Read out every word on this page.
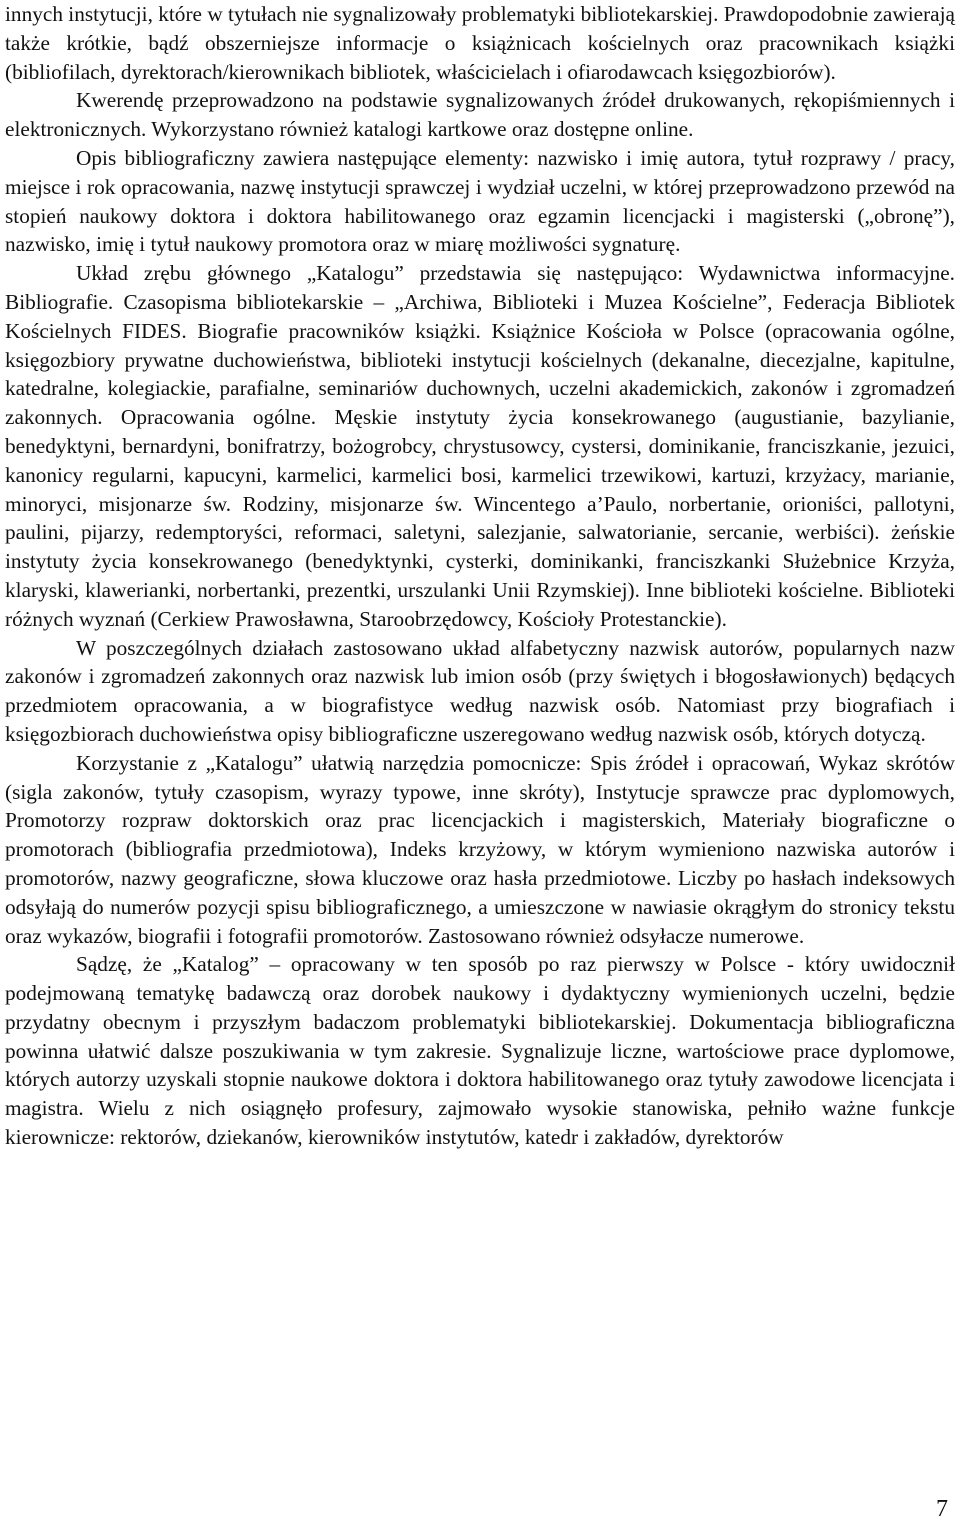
innych instytucji, które w tytułach nie sygnalizowały problematyki bibliotekarskiej. Prawdopodobnie zawierają także krótkie, bądź obszerniejsze informacje o książnicach kościelnych oraz pracownikach książki (bibliofilach, dyrektorach/kierownikach bibliotek, właścicielach i ofiarodawcach księgozbiorów).

Kwerendę przeprowadzono na podstawie sygnalizowanych źródeł drukowanych, rękopiśmiennych i elektronicznych. Wykorzystano również katalogi kartkowe oraz dostępne online.

Opis bibliograficzny zawiera następujące elementy: nazwisko i imię autora, tytuł rozprawy / pracy, miejsce i rok opracowania, nazwę instytucji sprawczej i wydział uczelni, w której przeprowadzono przewód na stopień naukowy doktora i doktora habilitowanego oraz egzamin licencjacki i magisterski („obronę”), nazwisko, imię i tytuł naukowy promotora oraz w miarę możliwości sygnaturę.

Układ zrębu głównego „Katalogu” przedstawia się następująco: Wydawnictwa informacyjne. Bibliografie. Czasopisma bibliotekarskie – „Archiwa, Biblioteki i Muzea Kościelne”, Federacja Bibliotek Kościelnych FIDES. Biografie pracowników książki. Książnice Kościoła w Polsce (opracowania ogólne, księgozbiory prywatne duchowieństwa, biblioteki instytucji kościelnych (dekanalne, diecezjalne, kapitulne, katedralne, kolegiackie, parafialne, seminariów duchownych, uczelni akademickich, zakonów i zgromadzeń zakonnych. Opracowania ogólne. Męskie instytuty życia konsekrowanego (augustianie, bazylianie, benedyktyni, bernardyni, bonifratrzy, bożogrobcy, chrystusowcy, cystersi, dominikanie, franciszkanie, jezuici, kanonicy regularni, kapucyni, karmelici, karmelici bosi, karmelici trzewikowi, kartuzi, krzyżacy, marianie, minoryci, misjonarze św. Rodziny, misjonarze św. Wincentego a’Paulo, norbertanie, orioniści, pallotyni, paulini, pijarzy, redemptoryści, reformaci, saletyni, salezjanie, salwatorianie, sercanie, werbiści). żeńskie instytuty życia konsekrowanego (benedyktynki, cysterki, dominikanki, franciszkanki Służebnice Krzyża, klaryski, klawerianki, norbertanki, prezentki, urszulanki Unii Rzymskiej). Inne biblioteki kościelne. Biblioteki różnych wyznań (Cerkiew Prawosławna, Staroobrzędowcy, Kościoły Protestanckie).

W poszczególnych działach zastosowano układ alfabetyczny nazwisk autorów, popularnych nazw zakonów i zgromadzeń zakonnych oraz nazwisk lub imion osób (przy świętych i błogosławionych) będących przedmiotem opracowania, a w biografistyce według nazwisk osób. Natomiast przy biografiach i księgozbiorach duchowieństwa opisy bibliograficzne uszeregowano według nazwisk osób, których dotyczą.

Korzystanie z „Katalogu” ułatwią narzędzia pomocnicze: Spis źródeł i opracowań, Wykaz skrótów (sigla zakonów, tytuły czasopism, wyrazy typowe, inne skróty), Instytucje sprawcze prac dyplomowych, Promotorzy rozpraw doktorskich oraz prac licencjackich i magisterskich, Materiały biograficzne o promotorach (bibliografia przedmiotowa), Indeks krzyżowy, w którym wymieniono nazwiska autorów i promotorów, nazwy geograficzne, słowa kluczowe oraz hasła przedmiotowe. Liczby po hasłach indeksowych odsyłają do numerów pozycji spisu bibliograficznego, a umieszczone w nawiasie okrągłym do stronicy tekstu oraz wykazów, biografii i fotografii promotorów. Zastosowano również odsyłacze numerowe.

Sądzę, że „Katalog” – opracowany w ten sposób po raz pierwszy w Polsce - który uwidocznił podejmowaną tematykę badawczą oraz dorobek naukowy i dydaktyczny wymienionych uczelni, będzie przydatny obecnym i przyszłym badaczom problematyki bibliotekarskiej. Dokumentacja bibliograficzna powinna ułatwić dalsze poszukiwania w tym zakresie. Sygnalizuje liczne, wartościowe prace dyplomowe, których autorzy uzyskali stopnie naukowe doktora i doktora habilitowanego oraz tytuły zawodowe licencjata i magistra. Wielu z nich osiągnęło profesury, zajmowało wysokie stanowiska, pełniło ważne funkcje kierownicze: rektorów, dziekanów, kierowników instytutów, katedr i zakładów, dyrektorów

7
